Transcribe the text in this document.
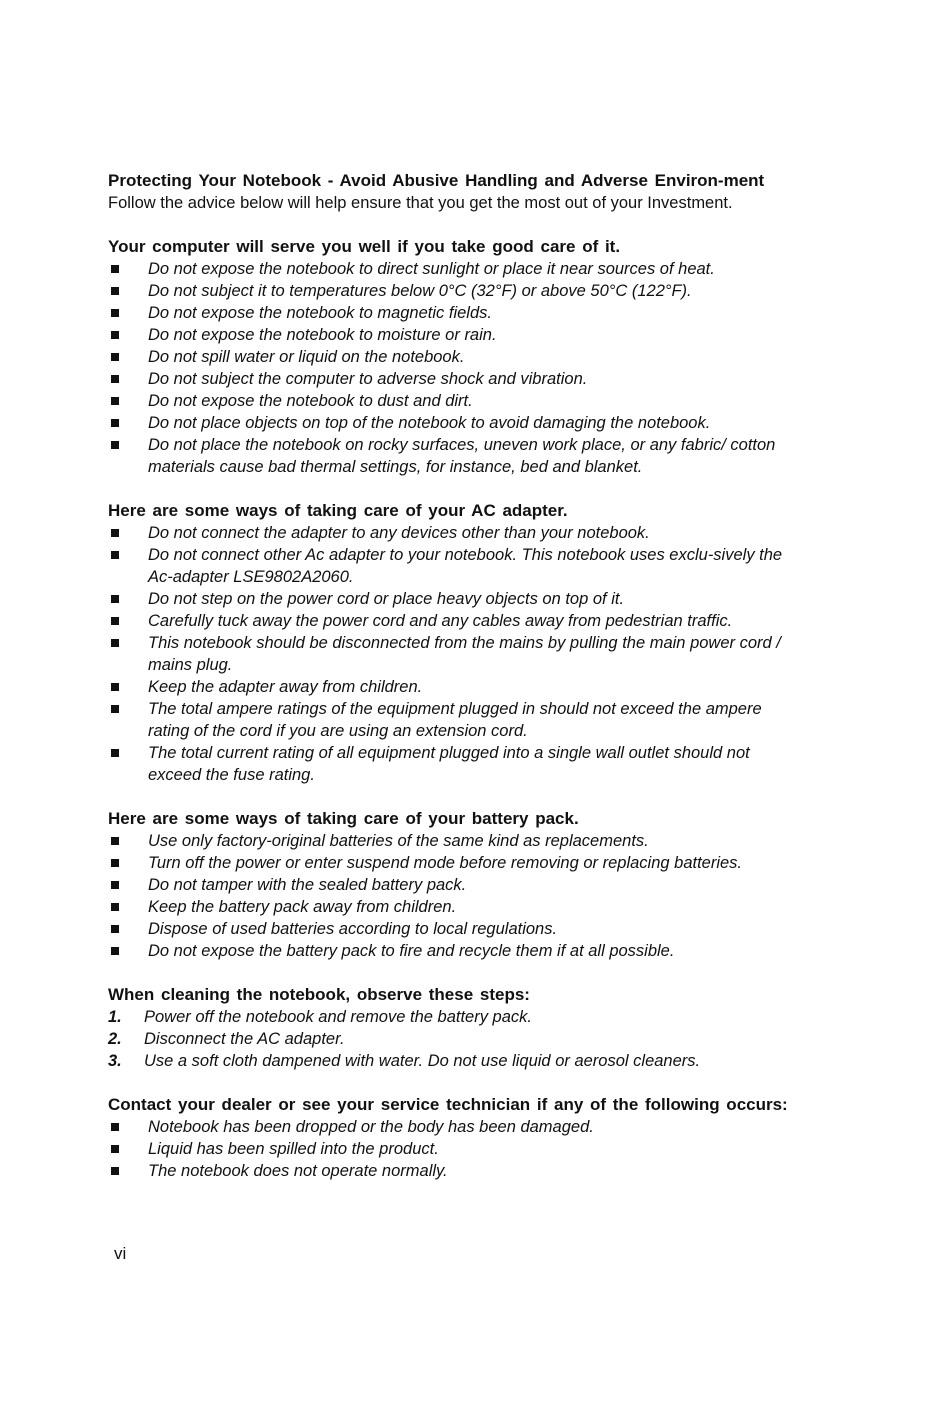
Protecting Your Notebook - Avoid Abusive Handling and Adverse Environ-ment

Follow the advice below will help ensure that you get the most out of your Investment.

Your computer will serve you well if you take good care of it.

Do not expose the notebook to direct sunlight or place it near sources of heat.
Do not subject it to temperatures below 0°C (32°F) or above 50°C (122°F).
Do not expose the notebook to magnetic fields.
Do not expose the notebook to moisture or rain.
Do not spill water or liquid on the notebook.
Do not subject the computer to adverse shock and vibration.
Do not expose the notebook to dust and dirt.
Do not place objects on top of the notebook to avoid damaging the notebook.
Do not place the notebook on rocky surfaces, uneven work place, or any fabric/ cotton materials cause bad thermal settings, for instance, bed and blanket.

Here are some ways of taking care of your AC adapter.

Do not connect the adapter to any devices other than your notebook.
Do not connect other Ac adapter to your notebook. This notebook uses exclu-sively the Ac-adapter LSE9802A2060.
Do not step on the power cord or place heavy objects on top of it.
Carefully tuck away the power cord and any cables away from pedestrian traffic.
This notebook should be disconnected from the mains by pulling the main power cord / mains plug.
Keep the adapter away from children.
The total ampere ratings of the equipment plugged in should not exceed the ampere rating of the cord if you are using an extension cord.
The total current rating of all equipment plugged into a single wall outlet should not exceed the fuse rating.

Here are some ways of taking care of your battery pack.

Use only factory-original batteries of the same kind as replacements.
Turn off the power or enter suspend mode before removing or replacing batteries.
Do not tamper with the sealed battery pack.
Keep the battery pack away from children.
Dispose of used batteries according to local regulations.
Do not expose the battery pack to fire and recycle them if at all possible.

When cleaning the notebook, observe these steps:

1. Power off the notebook and remove the battery pack.
2. Disconnect the AC adapter.
3. Use a soft cloth dampened with water. Do not use liquid or aerosol cleaners.

Contact your dealer or see your service technician if any of the following occurs:

Notebook has been dropped or the body has been damaged.
Liquid has been spilled into the product.
The notebook does not operate normally.
vi
